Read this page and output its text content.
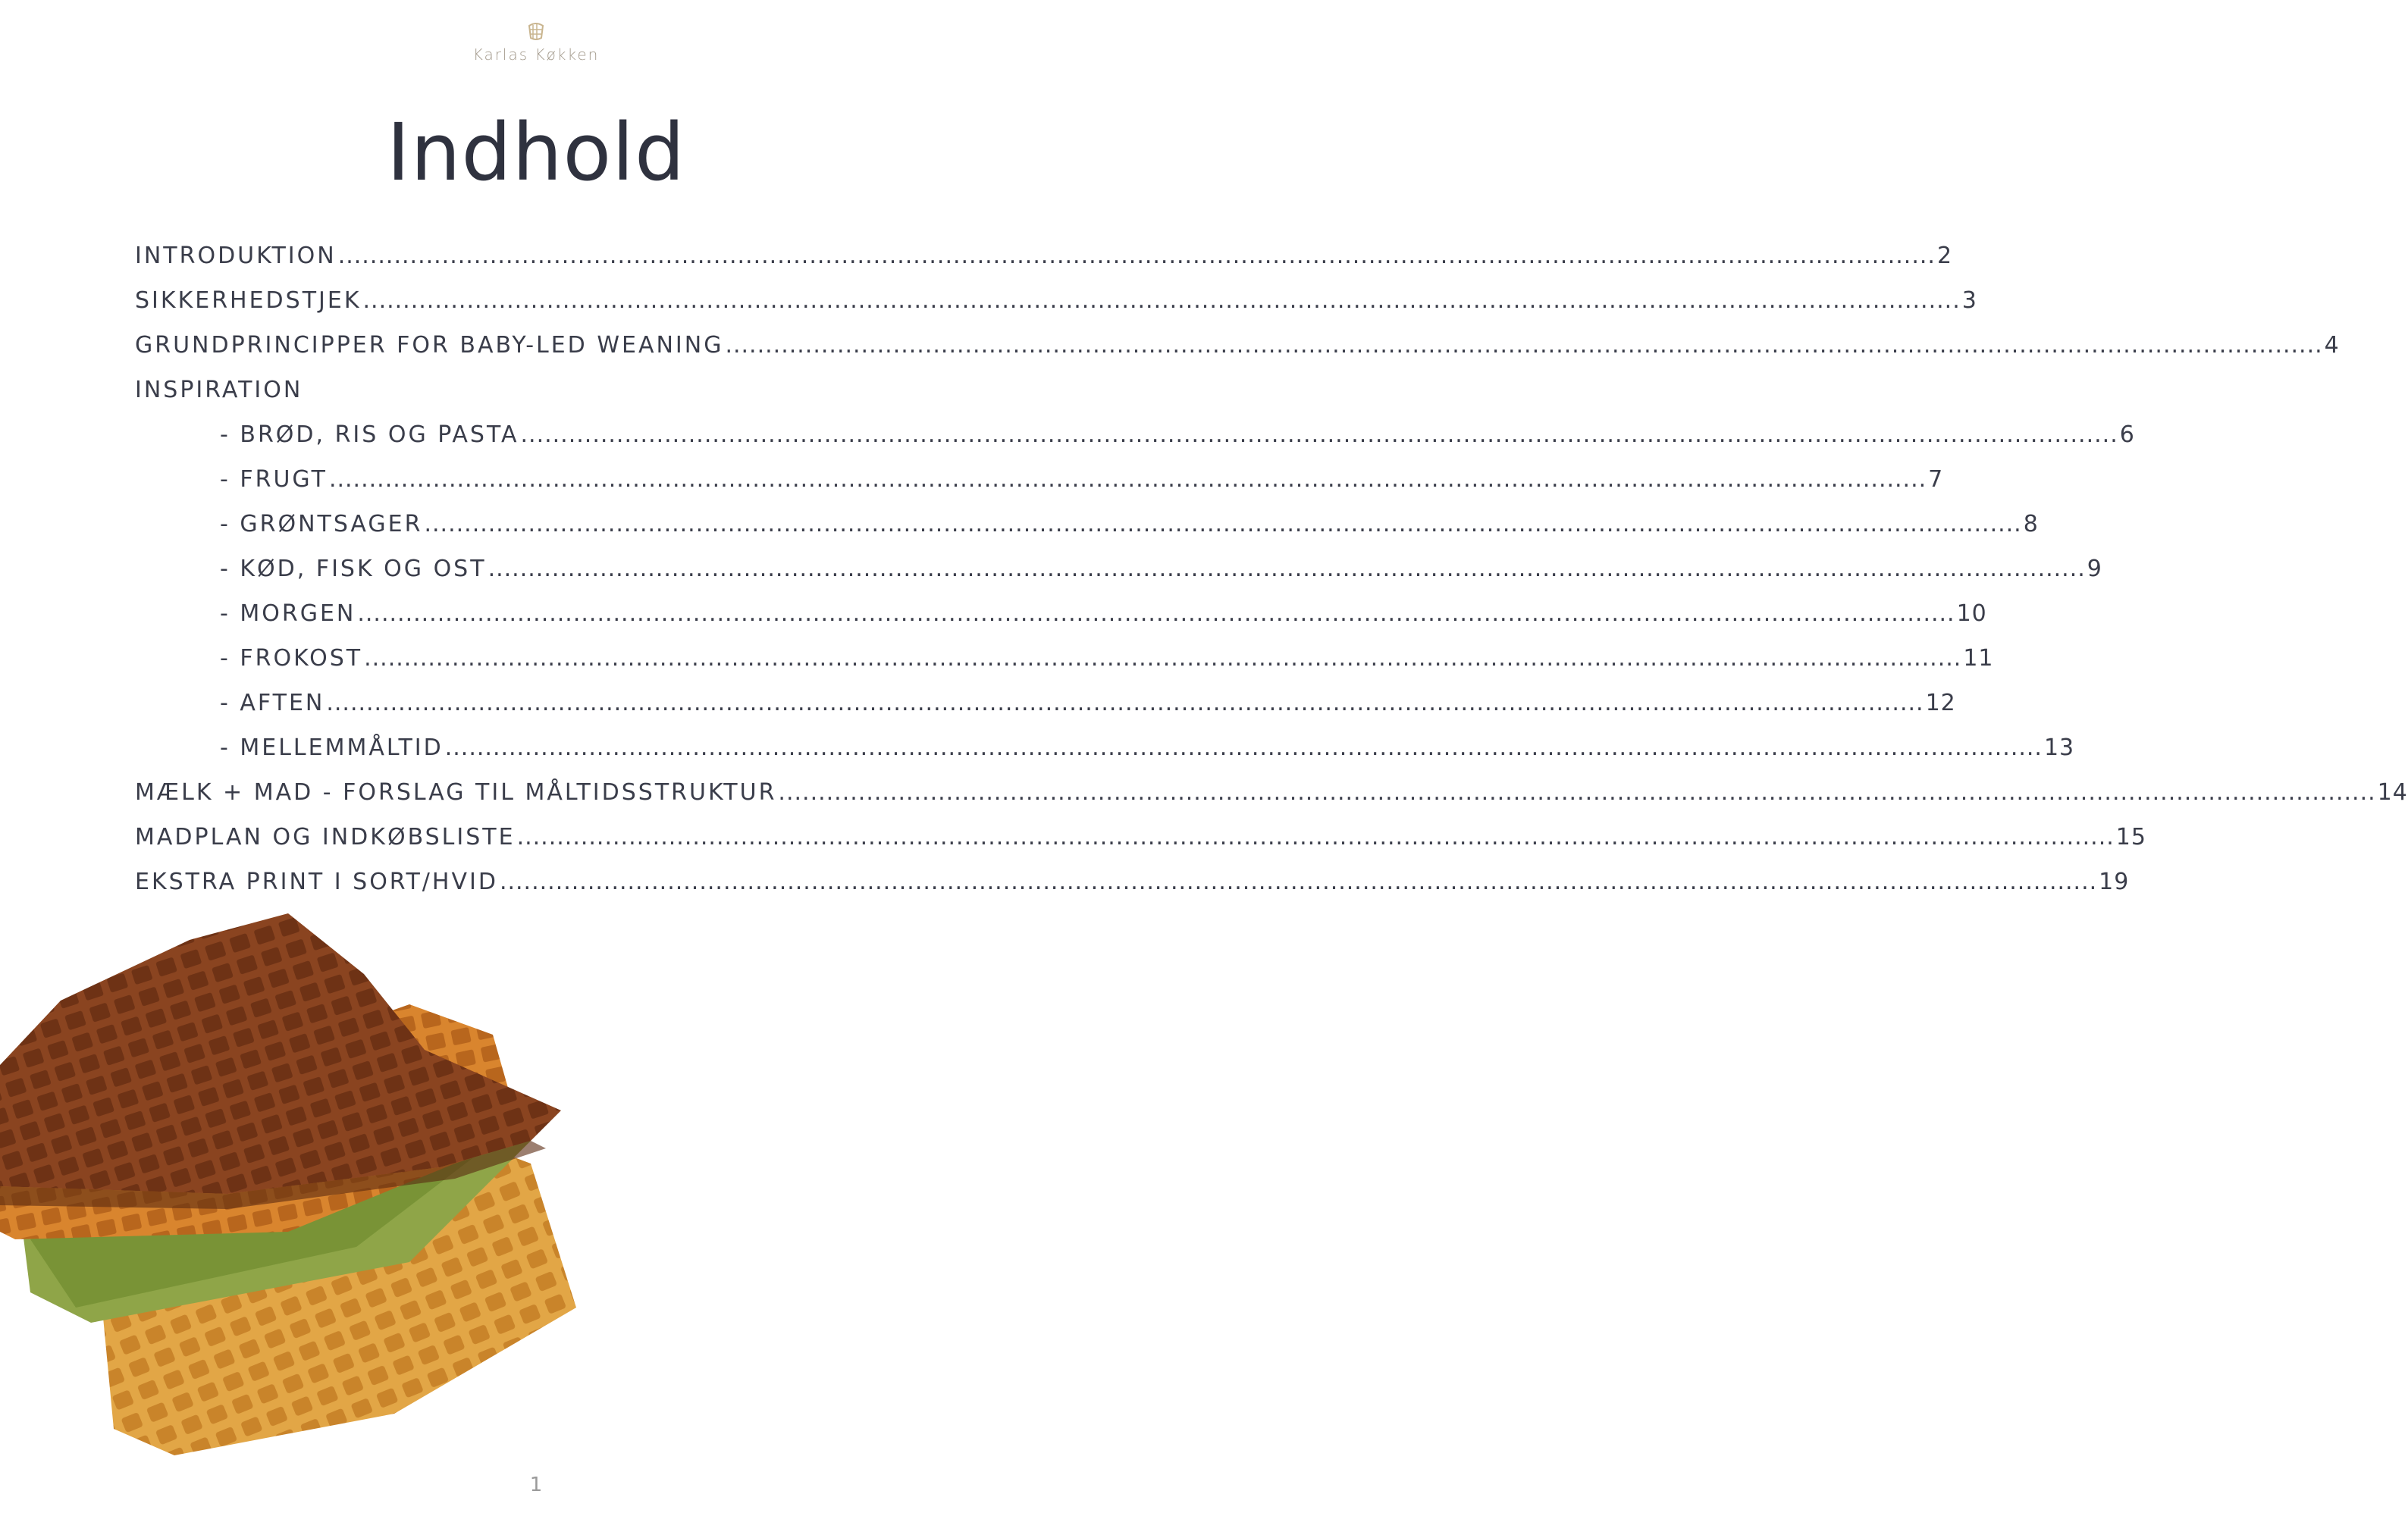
Karlas Køkken
Indhold
INTRODUKTION ........................................................................................................................................................................................................ 2
SIKKERHEDSTJEK ........................................................................................................................................................................................................ 3
GRUNDPRINCIPPER FOR BABY-LED WEANING ........................................................................................................................................................................................................ 4
INSPIRATION
- BRØD, RIS OG PASTA ........................................................................................................................................................................................................ 6
- FRUGT ........................................................................................................................................................................................................ 7
- GRØNTSAGER ........................................................................................................................................................................................................ 8
- KØD, FISK OG OST ........................................................................................................................................................................................................ 9
- MORGEN ........................................................................................................................................................................................................ 10
- FROKOST ........................................................................................................................................................................................................ 11
- AFTEN ........................................................................................................................................................................................................ 12
- MELLEMMÅLTID ........................................................................................................................................................................................................ 13
MÆLK + MAD - FORSLAG TIL MÅLTIDSSTRUKTUR ........................................................................................................................................................................................................ 14
MADPLAN OG INDKØBSLISTE ........................................................................................................................................................................................................ 15
EKSTRA PRINT I SORT/HVID ........................................................................................................................................................................................................ 19
1
